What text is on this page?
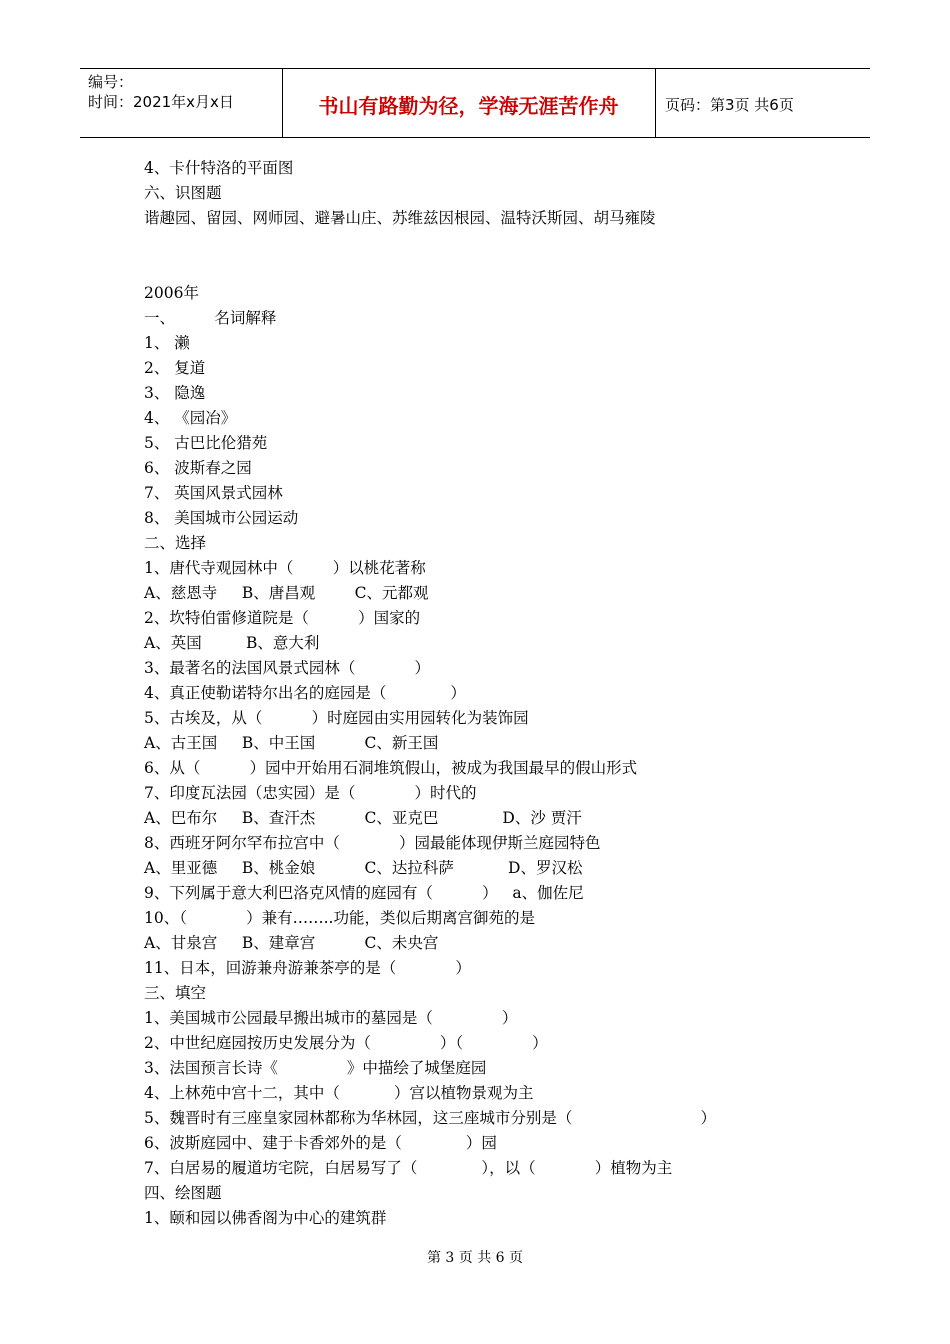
编号：
时间：2021年x月x日	书山有路勤为径，学海无涯苦作舟	页码：第3页 共6页
4、卡什特洛的平面图
六、识图题
谐趣园、留园、网师园、避暑山庄、苏维兹因根园、温特沃斯园、胡马雍陵
2006年
一、        名词解释
1、 濑
2、 复道
3、 隐逸
4、 《园冶》
5、 古巴比伦猎苑
6、 波斯春之园
7、 英国风景式园林
8、 美国城市公园运动
二、选择
1、唐代寺观园林中（        ）以桃花著称
A、慈恩寺     B、唐昌观        C、元都观
2、坎特伯雷修道院是（          ）国家的
A、英国         B、意大利
3、最著名的法国风景式园林（            ）
4、真正使勒诺特尔出名的庭园是（             ）
5、古埃及，从（          ）时庭园由实用园转化为装饰园
A、古王国     B、中王国          C、新王国
6、从（          ）园中开始用石洞堆筑假山，被成为我国最早的假山形式
7、印度瓦法园（忠实园）是（            ）时代的
A、巴布尔     B、查汗杰          C、亚克巴             D、沙 贾汗
8、西班牙阿尔罕布拉宫中（            ）园最能体现伊斯兰庭园特色
A、里亚德     B、桃金娘          C、达拉科萨           D、罗汉松
9、下列属于意大利巴洛克风情的庭园有（          ）   a、伽佐尼
10、（            ）兼有……..功能，类似后期离宫御苑的是
A、甘泉宫     B、建章宫          C、未央宫
11、日本，回游兼舟游兼茶亭的是（            ）
三、填空
1、美国城市公园最早搬出城市的墓园是（              ）
2、中世纪庭园按历史发展分为（              ）（              ）
3、法国预言长诗《              》中描绘了城堡庭园
4、上林苑中宫十二，其中（           ）宫以植物景观为主
5、魏晋时有三座皇家园林都称为华林园，这三座城市分别是（                          ）
6、波斯庭园中、建于卡香郊外的是（             ）园
7、白居易的履道坊宅院，白居易写了（             ），以（            ）植物为主
四、绘图题
1、颐和园以佛香阁为中心的建筑群
第 3 页 共 6 页
